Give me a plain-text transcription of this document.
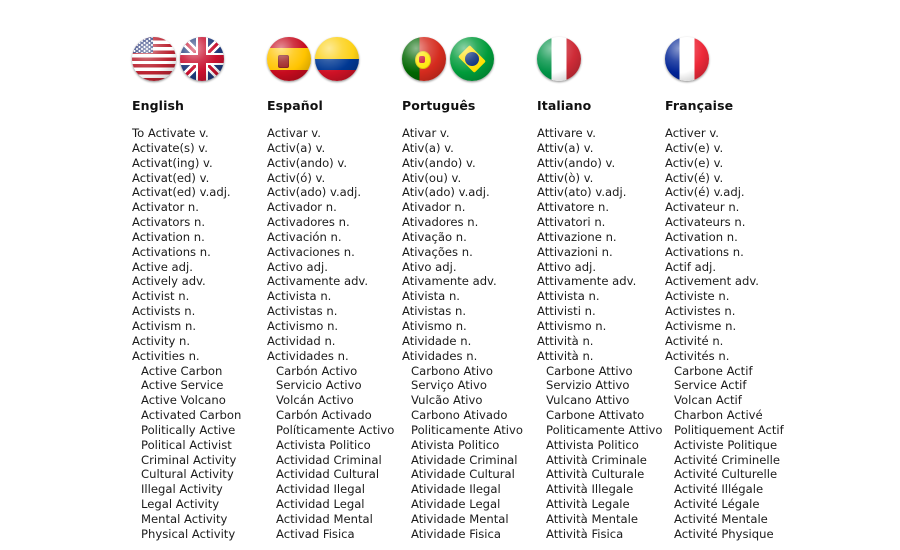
English
To Activate v.
Activate(s) v.
Activat(ing) v.
Activat(ed) v.
Activat(ed) v.adj.
Activator n.
Activators n.
Activation n.
Activations n.
Active adj.
Actively adv.
Activist n.
Activists n.
Activism n.
Activity n.
Activities n.
Active Carbon
Active Service
Active Volcano
Activated Carbon
Politically Active
Political Activist
Criminal Activity
Cultural Activity
Illegal Activity
Legal Activity
Mental Activity
Physical Activity
Español
Activar v.
Activ(a) v.
Activ(ando) v.
Activ(ó) v.
Activ(ado) v.adj.
Activador n.
Activadores n.
Activación n.
Activaciones n.
Activo adj.
Activamente adv.
Activista n.
Activistas n.
Activismo n.
Actividad n.
Actividades n.
Carbón Activo
Servicio Activo
Volcán Activo
Carbón Activado
Políticamente Activo
Activista Politico
Actividad Criminal
Actividad Cultural
Actividad Ilegal
Actividad Legal
Actividad Mental
Activad Fisica
Português
Ativar v.
Ativ(a) v.
Ativ(ando) v.
Ativ(ou) v.
Ativ(ado) v.adj.
Ativador n.
Ativadores n.
Ativação n.
Ativações n.
Ativo adj.
Ativamente adv.
Ativista n.
Ativistas n.
Ativismo n.
Atividade n.
Atividades n.
Carbono Ativo
Serviço Ativo
Vulcão Ativo
Carbono Ativado
Politicamente Ativo
Ativista Politico
Atividade Criminal
Atividade Cultural
Atividade Ilegal
Atividade Legal
Atividade Mental
Atividade Fisica
Italiano
Attivare v.
Attiv(a) v.
Attiv(ando) v.
Attiv(ò) v.
Attiv(ato) v.adj.
Attivatore n.
Attivatori n.
Attivazione n.
Attivazioni n.
Attivo adj.
Attivamente adv.
Attivista n.
Attivisti n.
Attivismo n.
Attività n.
Attività n.
Carbone Attivo
Servizio Attivo
Vulcano Attivo
Carbone Attivato
Politicamente Attivo
Attivista Politico
Attività Criminale
Attività Culturale
Attività Illegale
Attività Legale
Attività Mentale
Attività Fisica
Française
Activer v.
Activ(e) v.
Activ(e) v.
Activ(é) v.
Activ(é) v.adj.
Activateur n.
Activateurs n.
Activation n.
Activations n.
Actif adj.
Activement adv.
Activiste n.
Activistes n.
Activisme n.
Activité n.
Activités n.
Carbone Actif
Service Actif
Volcan Actif
Charbon Activé
Politiquement Actif
Activiste Politique
Activité Criminelle
Activité Culturelle
Activité Illégale
Activité Légale
Activité Mentale
Activité Physique
